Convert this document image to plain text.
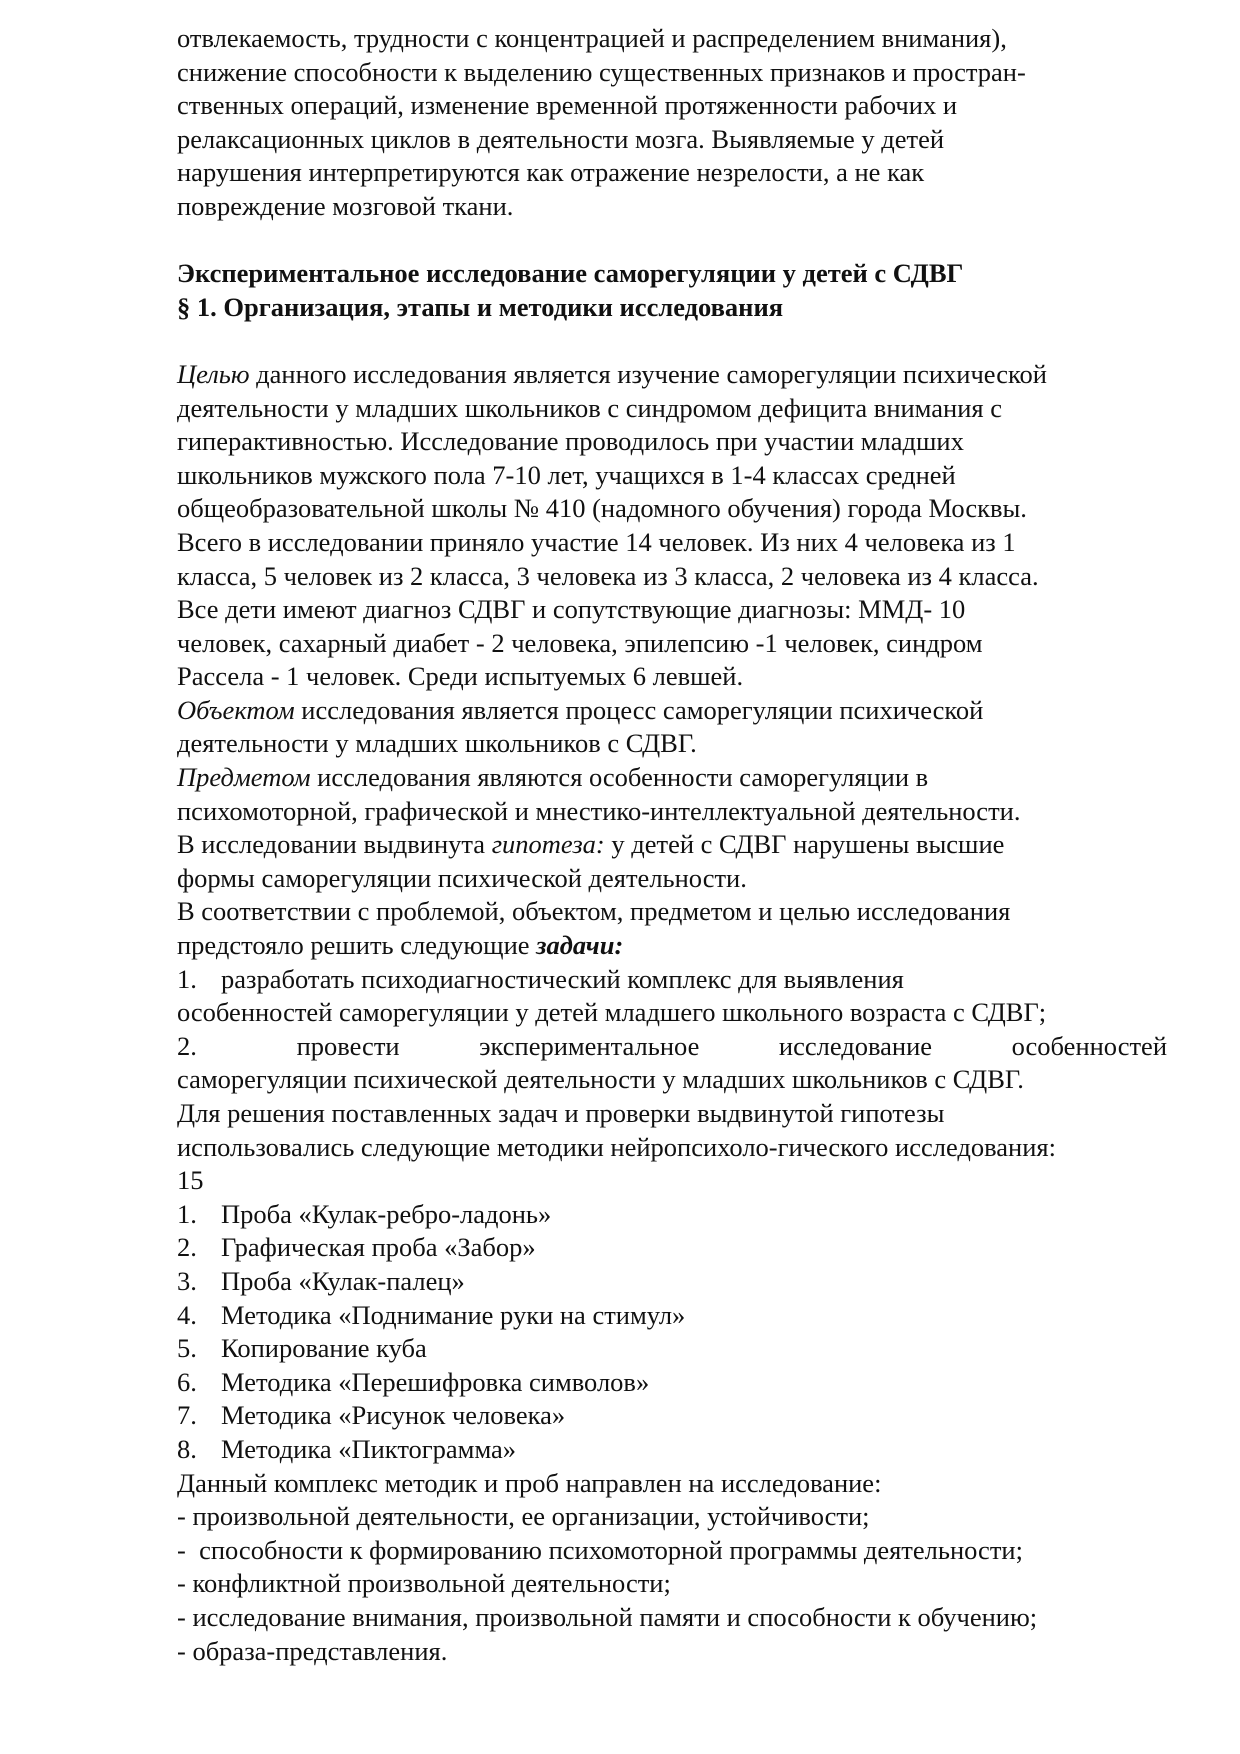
отвлекаемость, трудности с концентрацией и распределением внимания),
снижение способности к выделению существенных признаков и простран-
ственных операций, изменение временной протяженности рабочих и
релаксационных циклов в деятельности мозга. Выявляемые у детей
нарушения интерпретируются как отражение незрелости, а не как
повреждение мозговой ткани.
Экспериментальное исследование саморегуляции у детей с СДВГ
§ 1. Организация, этапы и методики исследования
Целью данного исследования является изучение саморегуляции психической
деятельности у младших школьников с синдромом дефицита внимания с
гиперактивностью. Исследование проводилось при участии младших
школьников мужского пола 7-10 лет, учащихся в 1-4 классах средней
общеобразовательной школы № 410 (надомного обучения) города Москвы.
Всего в исследовании приняло участие 14 человек. Из них 4 человека из 1
класса, 5 человек из 2 класса, 3 человека из 3 класса, 2 человека из 4 класса.
Все дети имеют диагноз СДВГ и сопутствующие диагнозы: ММД- 10
человек, сахарный диабет - 2 человека, эпилепсию -1 человек, синдром
Рассела - 1 человек. Среди испытуемых 6 левшей.
Объектом исследования является процесс саморегуляции психической
деятельности у младших школьников с СДВГ.
Предметом исследования являются особенности саморегуляции в
психомоторной, графической и мнестико-интеллектуальной деятельности.
В исследовании выдвинута гипотеза: у детей с СДВГ нарушены высшие
формы саморегуляции психической деятельности.
В соответствии с проблемой, объектом, предметом и целью исследования
предстояло решить следующие задачи:
1. разработать психодиагностический комплекс для выявления
особенностей саморегуляции у детей младшего школьного возраста с СДВГ;
2.	провести экспериментальное исследование особенностей
саморегуляции психической деятельности у младших школьников с СДВГ.
Для решения поставленных задач и проверки выдвинутой гипотезы
использовались следующие методики нейропсихоло-гического исследования:
15
1. Проба «Кулак-ребро-ладонь»
2. Графическая проба «Забор»
3. Проба «Кулак-палец»
4. Методика «Поднимание руки на стимул»
5. Копирование куба
6. Методика «Перешифровка символов»
7. Методика «Рисунок человека»
8. Методика «Пиктограмма»
Данный комплекс методик и проб направлен на исследование:
- произвольной деятельности, ее организации, устойчивости;
-  способности к формированию психомоторной программы деятельности;
- конфликтной произвольной деятельности;
- исследование внимания, произвольной памяти и способности к обучению;
- образа-представления.
